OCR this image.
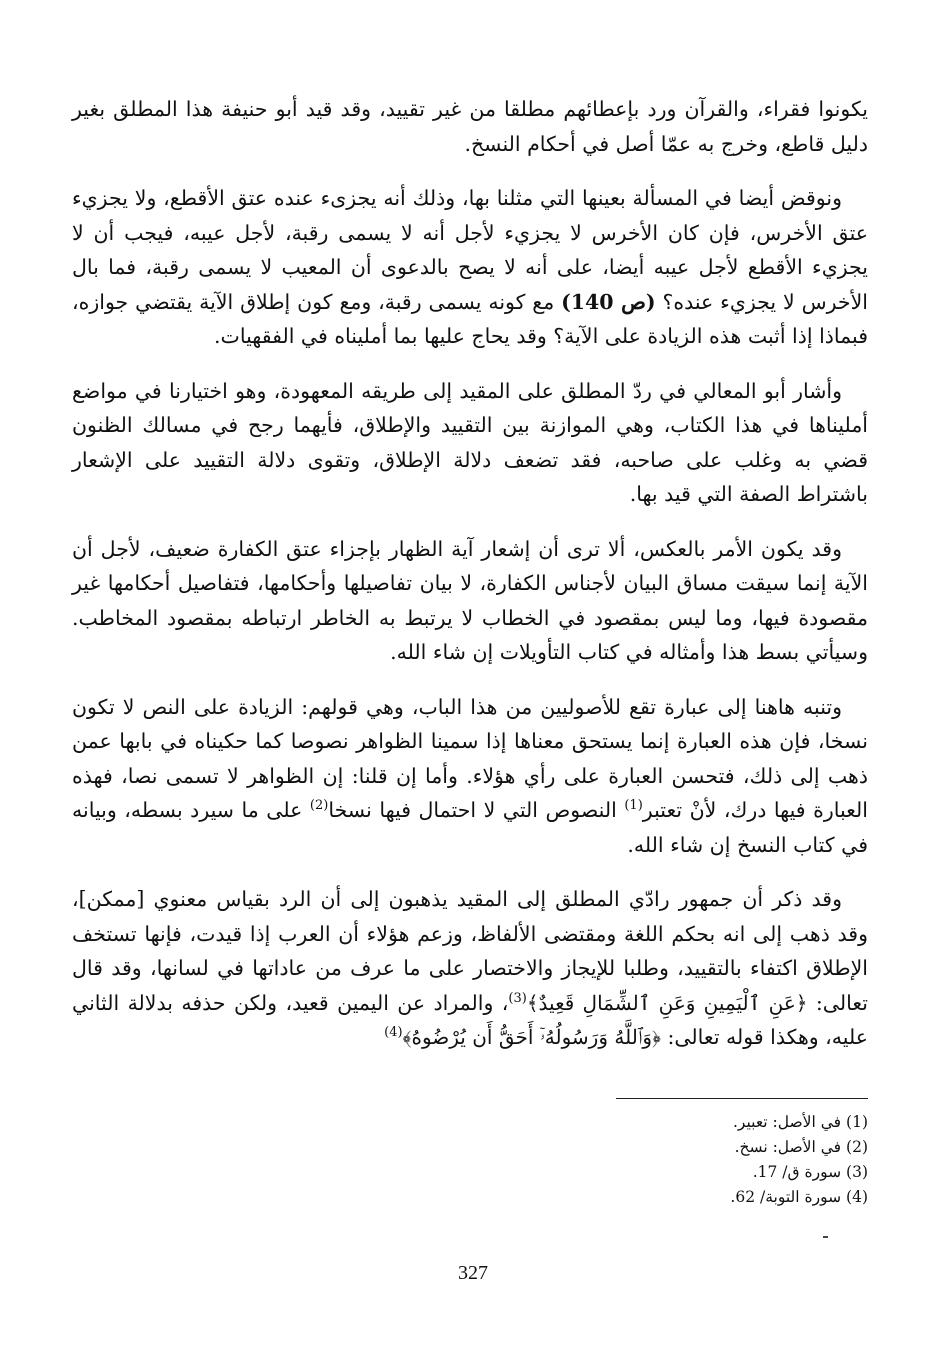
يكونوا فقراء، والقرآن ورد بإعطائهم مطلقا من غير تقييد، وقد قيد أبو حنيفة هذا المطلق بغير دليل قاطع، وخرج به عمّا أصل في أحكام النسخ.

ونوقض أيضا في المسألة بعينها التي مثلنا بها، وذلك أنه يجزىء عنده عتق الأقطع، ولا يجزيء عتق الأخرس، فإن كان الأخرس لا يجزيء لأجل أنه لا يسمى رقبة، لأجل عيبه، فيجب أن لا يجزيء الأقطع لأجل عيبه أيضا، على أنه لا يصح بالدعوى أن المعيب لا يسمى رقبة، فما بال الأخرس لا يجزيء عنده؟ (ص 140) مع كونه يسمى رقبة، ومع كون إطلاق الآية يقتضي جوازه، فبماذا إذا أثبت هذه الزيادة على الآية؟ وقد يحاج عليها بما أمليناه في الفقهيات.

وأشار أبو المعالي في ردّ المطلق على المقيد إلى طريقه المعهودة، وهو اختيارنا في مواضع أمليناها في هذا الكتاب، وهي الموازنة بين التقييد والإطلاق، فأيهما رجح في مسالك الظنون قضي به وغلب على صاحبه، فقد تضعف دلالة الإطلاق، وتقوى دلالة التقييد على الإشعار باشتراط الصفة التي قيد بها.

وقد يكون الأمر بالعكس، ألا ترى أن إشعار آية الظهار بإجزاء عتق الكفارة ضعيف، لأجل أن الآية إنما سيقت مساق البيان لأجناس الكفارة، لا بيان تفاصيلها وأحكامها، فتفاصيل أحكامها غير مقصودة فيها، وما ليس بمقصود في الخطاب لا يرتبط به الخاطر ارتباطه بمقصود المخاطب. وسيأتي بسط هذا وأمثاله في كتاب التأويلات إن شاء الله.

وتنبه هاهنا إلى عبارة تقع للأصوليين من هذا الباب، وهي قولهم: الزيادة على النص لا تكون نسخا، فإن هذه العبارة إنما يستحق معناها إذا سمينا الظواهر نصوصا كما حكيناه في بابها عمن ذهب إلى ذلك، فتحسن العبارة على رأي هؤلاء. وأما إن قلنا: إن الظواهر لا تسمى نصا، فهذه العبارة فيها درك، لأنْ تعتبر$^{(1)}$ النصوص التي لا احتمال فيها نسخا$^{(2)}$ على ما سيرد بسطه، وبيانه في كتاب النسخ إن شاء الله.

وقد ذكر أن جمهور رادّي المطلق إلى المقيد يذهبون إلى أن الرد بقياس معنوي [ممكن]، وقد ذهب إلى انه بحكم اللغة ومقتضى الألفاظ، وزعم هؤلاء أن العرب إذا قيدت، فإنها تستخف الإطلاق اكتفاء بالتقييد، وطلبا للإيجاز والاختصار على ما عرف من عاداتها في لسانها، وقد قال تعالى: ﴿عَنِ ٱلْيَمِينِ وَعَنِ ٱلشِّمَالِ قَعِيدٌ﴾$^{(3)}$، والمراد عن اليمين قعيد، ولكن حذفه بدلالة الثاني عليه، وهكذا قوله تعالى: ﴿وَٱللَّهُ وَرَسُولُهُۥٓ أَحَقُّ أَن يُرْضُوهُ﴾$^{(4)}$

(1) في الأصل: تعبير.
(2) في الأصل: نسخ.
(3) سورة ق/ 17.
(4) سورة التوبة/ 62.
327
